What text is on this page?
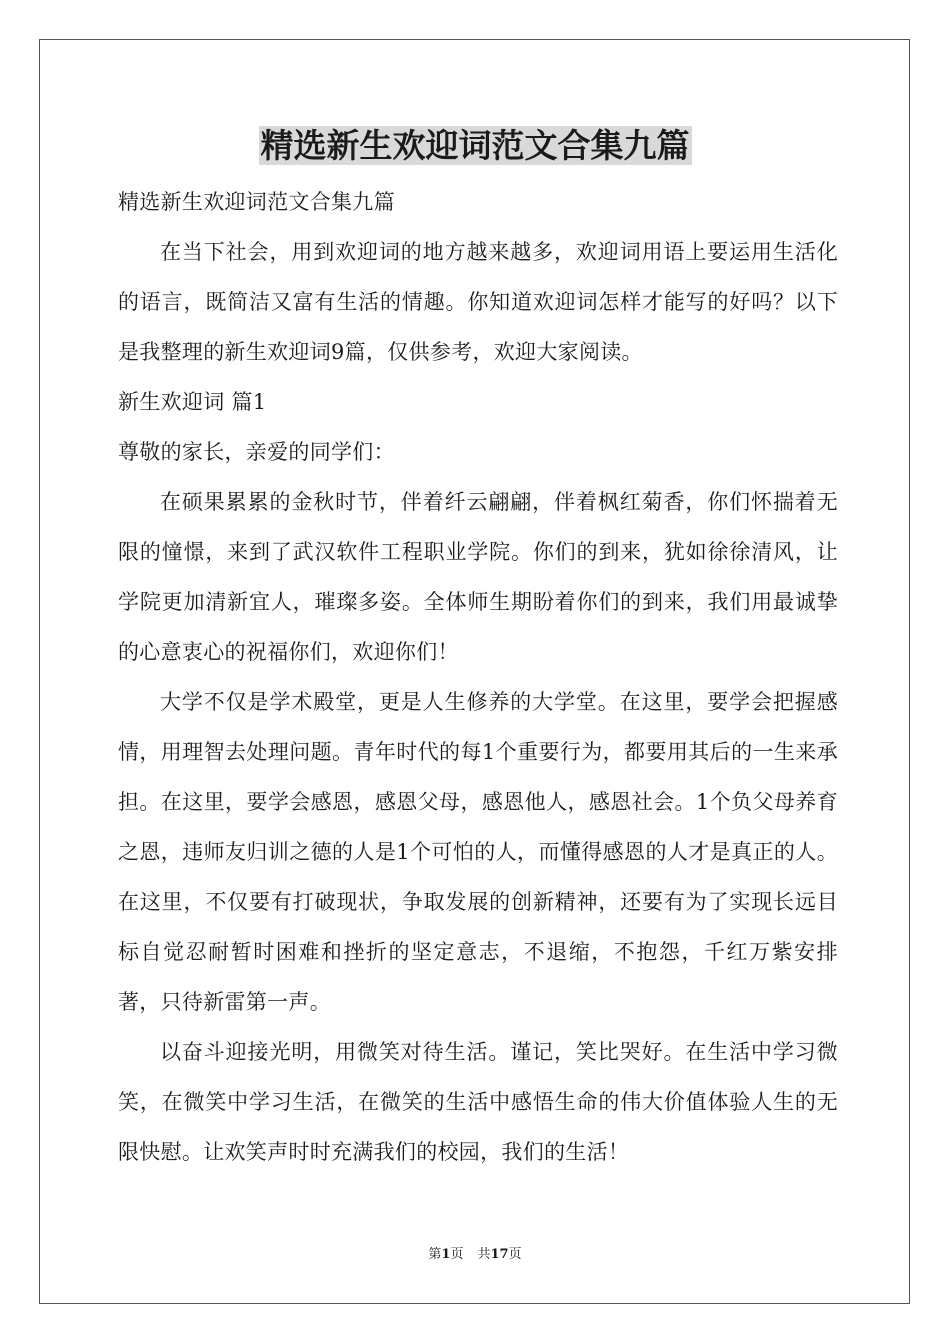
精选新生欢迎词范文合集九篇

精选新生欢迎词范文合集九篇

在当下社会，用到欢迎词的地方越来越多，欢迎词用语上要运用生活化的语言，既简洁又富有生活的情趣。你知道欢迎词怎样才能写的好吗？以下是我整理的新生欢迎词9篇，仅供参考，欢迎大家阅读。

新生欢迎词 篇1

尊敬的家长，亲爱的同学们：

在硕果累累的金秋时节，伴着纤云翩翩，伴着枫红菊香，你们怀揣着无限的憧憬，来到了武汉软件工程职业学院。你们的到来，犹如徐徐清风，让学院更加清新宜人，璀璨多姿。全体师生期盼着你们的到来，我们用最诚挚的心意衷心的祝福你们，欢迎你们！

大学不仅是学术殿堂，更是人生修养的大学堂。在这里，要学会把握感情，用理智去处理问题。青年时代的每1个重要行为，都要用其后的一生来承担。在这里，要学会感恩，感恩父母，感恩他人，感恩社会。1个负父母养育之恩，违师友归训之德的人是1个可怕的人，而懂得感恩的人才是真正的人。在这里，不仅要有打破现状，争取发展的创新精神，还要有为了实现长远目标自觉忍耐暂时困难和挫折的坚定意志，不退缩，不抱怨，千红万紫安排著，只待新雷第一声。

以奋斗迎接光明，用微笑对待生活。谨记，笑比哭好。在生活中学习微笑，在微笑中学习生活，在微笑的生活中感悟生命的伟大价值体验人生的无限快慰。让欢笑声时时充满我们的校园，我们的生活！

第1页 共17页
